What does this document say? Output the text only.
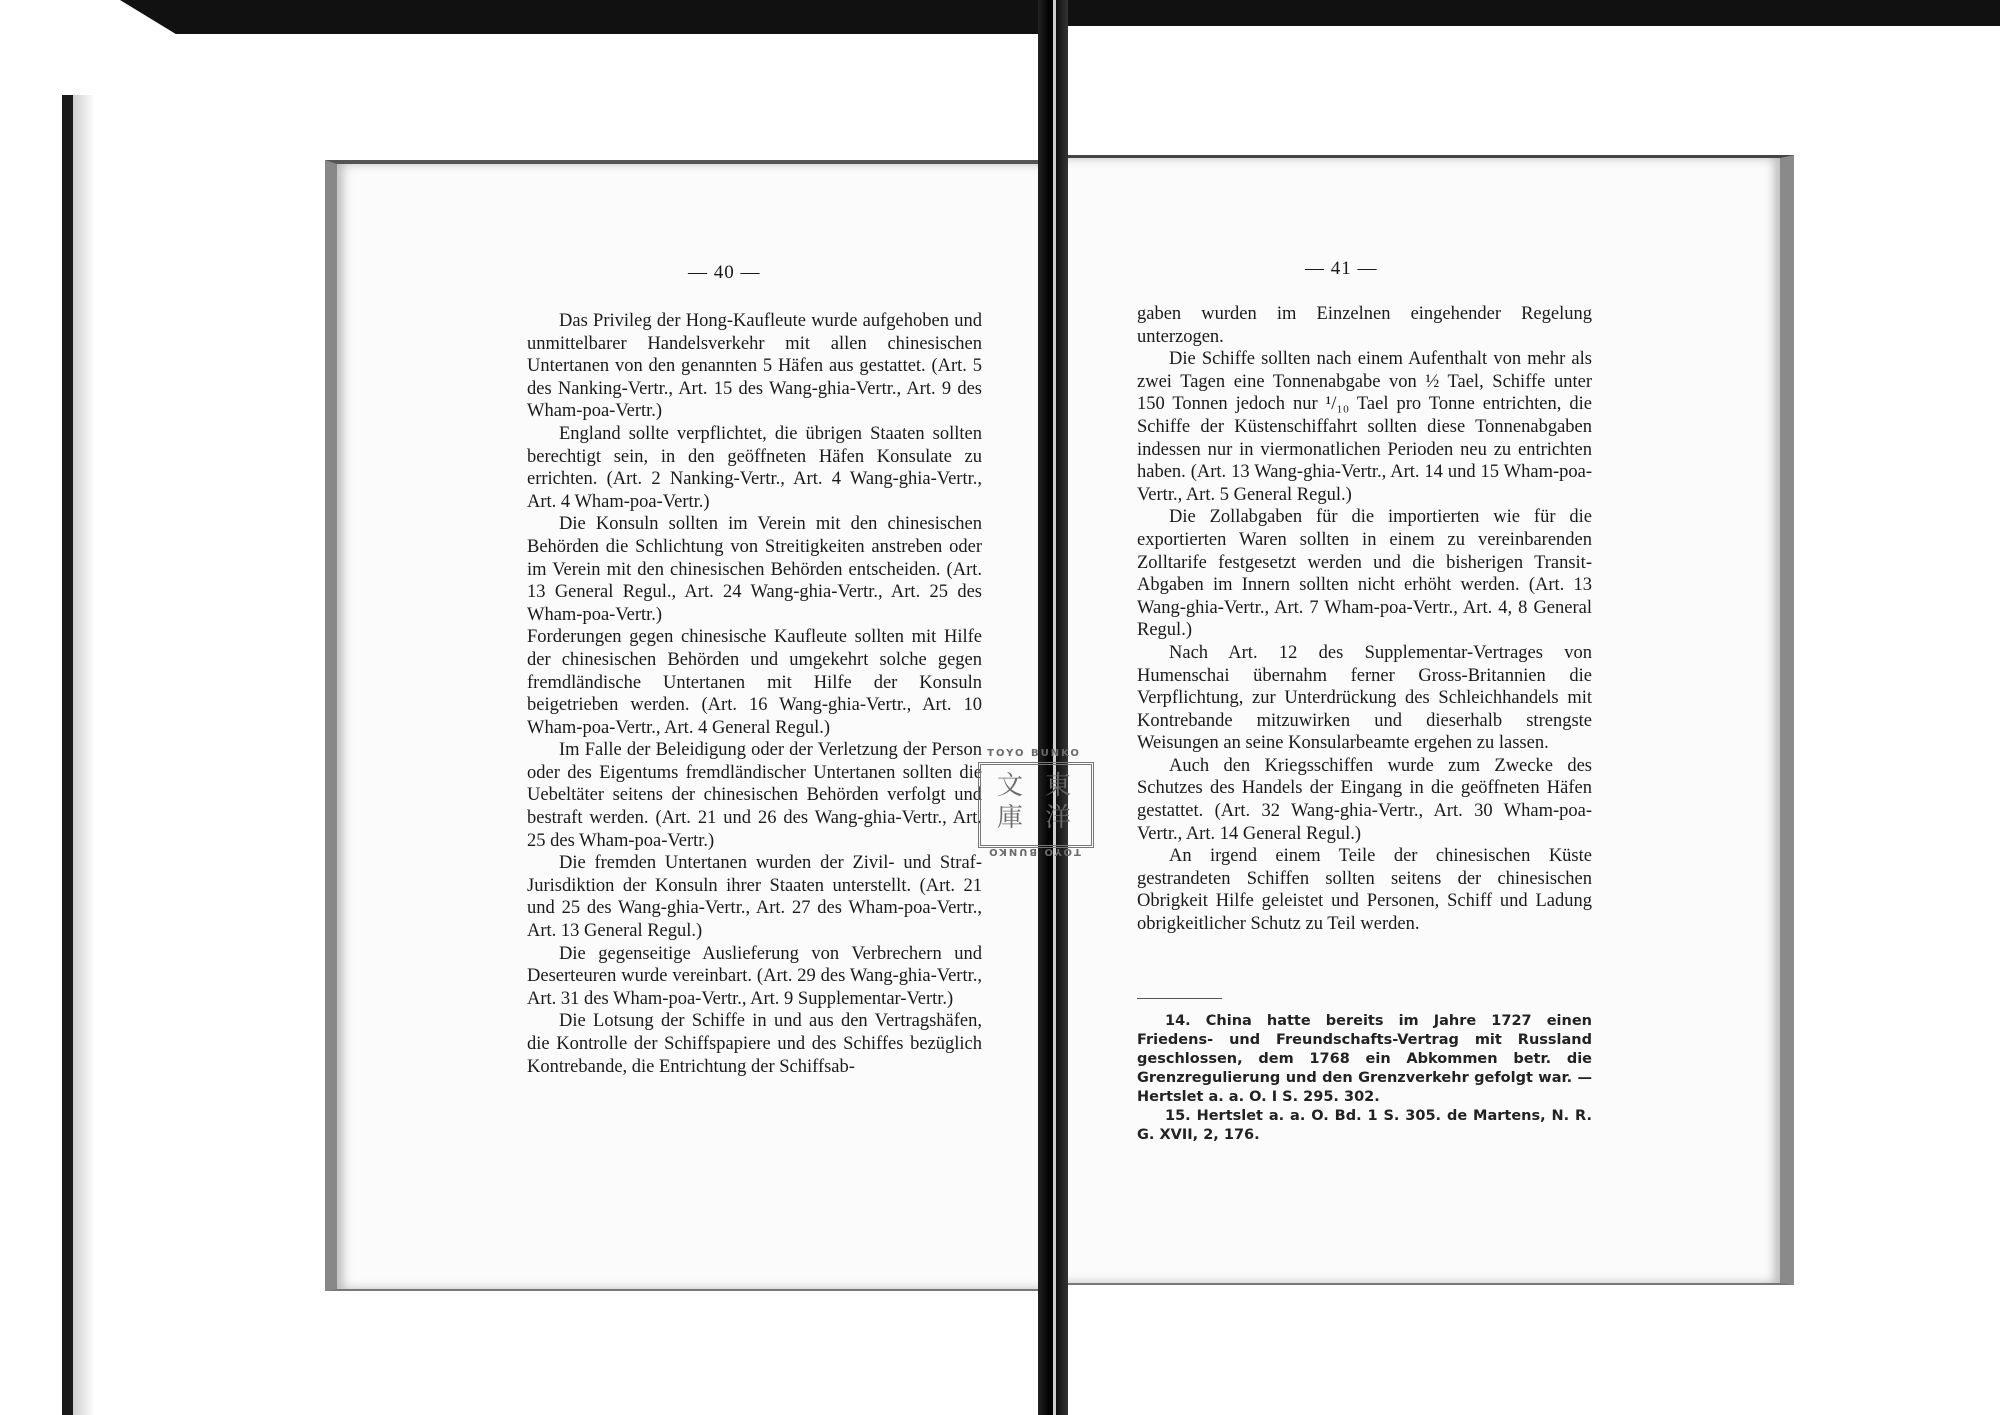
— 40 —	— 41 —

Das Privileg der Hong-Kaufleute wurde aufgehoben und unmittelbarer Handelsverkehr mit allen chinesischen Untertanen von den genannten 5 Häfen aus gestattet. (Art. 5 des Nanking-Vertr., Art. 15 des Wang-ghia-Vertr., Art. 9 des Wham-poa-Vertr.)

England sollte verpflichtet, die übrigen Staaten sollten berechtigt sein, in den geöffneten Häfen Konsulate zu errichten. (Art. 2 Nanking-Vertr., Art. 4 Wang-ghia-Vertr., Art. 4 Wham-poa-Vertr.)

Die Konsuln sollten im Verein mit den chinesischen Behörden die Schlichtung von Streitigkeiten anstreben oder im Verein mit den chinesischen Behörden entscheiden. (Art. 13 General Regul., Art. 24 Wang-ghia-Vertr., Art. 25 des Wham-poa-Vertr.)

Forderungen gegen chinesische Kaufleute sollten mit Hilfe der chinesischen Behörden und umgekehrt solche gegen fremdländische Untertanen mit Hilfe der Konsuln beigetrieben werden. (Art. 16 Wang-ghia-Vertr., Art. 10 Wham-poa-Vertr., Art. 4 General Regul.)

Im Falle der Beleidigung oder der Verletzung der Person oder des Eigentums fremdländischer Untertanen sollten die Uebeltäter seitens der chinesischen Behörden verfolgt und bestraft werden. (Art. 21 und 26 des Wang-ghia-Vertr., Art. 25 des Wham-poa-Vertr.)

Die fremden Untertanen wurden der Zivil- und Straf-Jurisdiktion der Konsuln ihrer Staaten unterstellt. (Art. 21 und 25 des Wang-ghia-Vertr., Art. 27 des Wham-poa-Vertr., Art. 13 General Regul.)

Die gegenseitige Auslieferung von Verbrechern und Deserteuren wurde vereinbart. (Art. 29 des Wang-ghia-Vertr., Art. 31 des Wham-poa-Vertr., Art. 9 Supplementar-Vertr.)

Die Lotsung der Schiffe in und aus den Vertragshäfen, die Kontrolle der Schiffspapiere und des Schiffes bezüglich Kontrebande, die Entrichtung der Schiffsab-

gaben wurden im Einzelnen eingehender Regelung unterzogen.

Die Schiffe sollten nach einem Aufenthalt von mehr als zwei Tagen eine Tonnenabgabe von ½ Tael, Schiffe unter 150 Tonnen jedoch nur ¹/₁₀ Tael pro Tonne entrichten, die Schiffe der Küstenschiffahrt sollten diese Tonnenabgaben indessen nur in viermonatlichen Perioden neu zu entrichten haben. (Art. 13 Wang-ghia-Vertr., Art. 14 und 15 Wham-poa-Vertr., Art. 5 General Regul.)

Die Zollabgaben für die importierten wie für die exportierten Waren sollten in einem zu vereinbarenden Zolltarife festgesetzt werden und die bisherigen Transit-Abgaben im Innern sollten nicht erhöht werden. (Art. 13 Wang-ghia-Vertr., Art. 7 Wham-poa-Vertr., Art. 4, 8 General Regul.)

Nach Art. 12 des Supplementar-Vertrages von Humenschai übernahm ferner Gross-Britannien die Verpflichtung, zur Unterdrückung des Schleichhandels mit Kontrebande mitzuwirken und dieserhalb strengste Weisungen an seine Konsularbeamte ergehen zu lassen.

Auch den Kriegsschiffen wurde zum Zwecke des Schutzes des Handels der Eingang in die geöffneten Häfen gestattet. (Art. 32 Wang-ghia-Vertr., Art. 30 Wham-poa-Vertr., Art. 14 General Regul.)

An irgend einem Teile der chinesischen Küste gestrandeten Schiffen sollten seitens der chinesischen Obrigkeit Hilfe geleistet und Personen, Schiff und Ladung obrigkeitlicher Schutz zu Teil werden.

14. China hatte bereits im Jahre 1727 einen Friedens- und Freundschafts-Vertrag mit Russland geschlossen, dem 1768 ein Abkommen betr. die Grenzregulierung und den Grenzverkehr gefolgt war. — Hertslet a. a. O. I S. 295. 302.

15. Hertslet a. a. O. Bd. 1 S. 305. de Martens, N. R. G. XVII, 2, 176.

TOYO BUNKO
文 東
庫 洋
TOYO BUNKO
